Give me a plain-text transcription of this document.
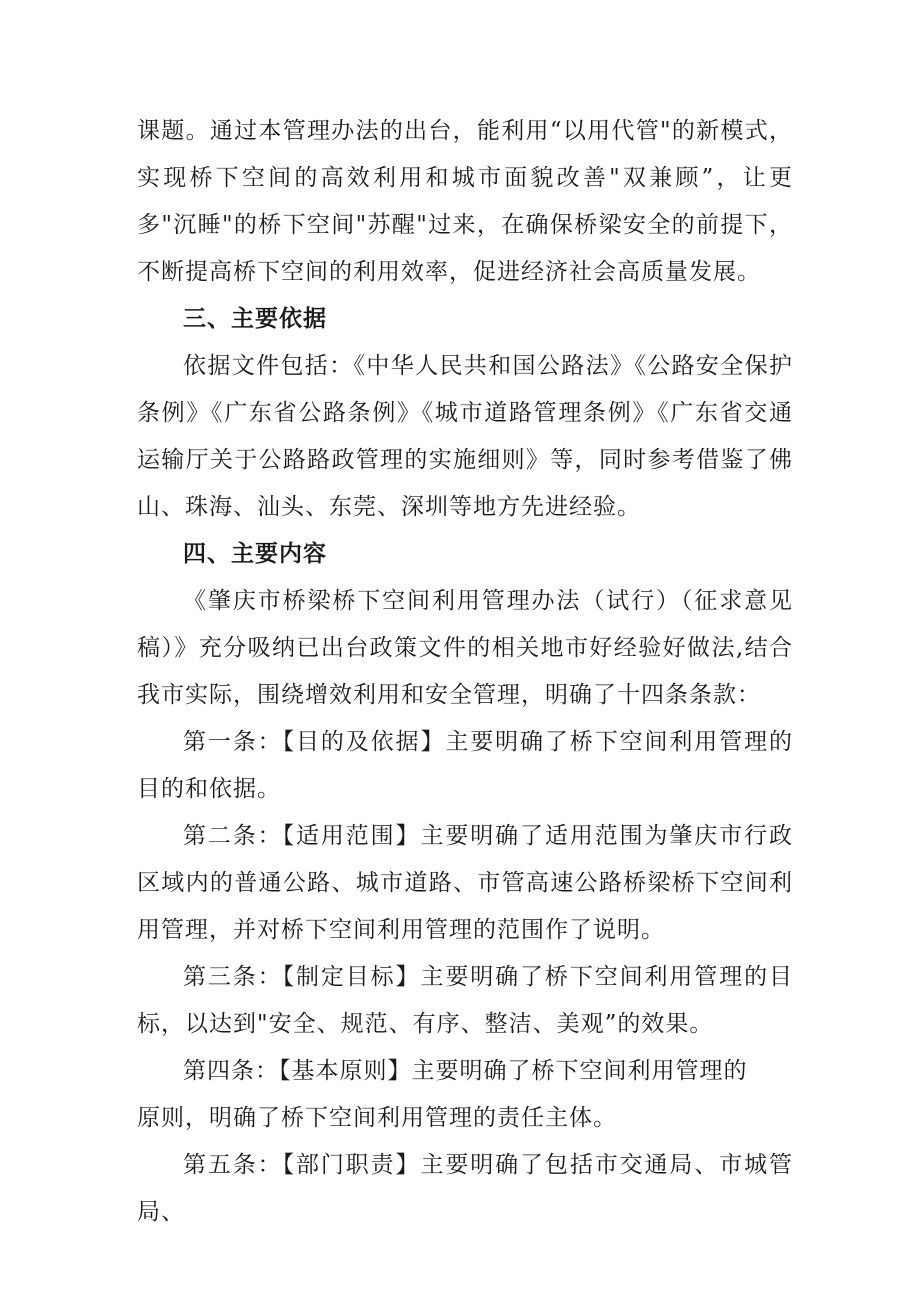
课题。通过本管理办法的出台，能利用“以用代管"的新模式，实现桥下空间的高效利用和城市面貌改善"双兼顾”，让更多"沉睡"的桥下空间"苏醒"过来，在确保桥梁安全的前提下，不断提高桥下空间的利用效率，促进经济社会高质量发展。

三、主要依据

依据文件包括：《中华人民共和国公路法》《公路安全保护条例》《广东省公路条例》《城市道路管理条例》《广东省交通运输厅关于公路路政管理的实施细则》等，同时参考借鉴了佛山、珠海、汕头、东莞、深圳等地方先进经验。

四、主要内容

《肇庆市桥梁桥下空间利用管理办法（试行）（征求意见稿）》充分吸纳已出台政策文件的相关地市好经验好做法,结合我市实际，围绕增效利用和安全管理，明确了十四条条款：

第一条：【目的及依据】主要明确了桥下空间利用管理的目的和依据。

第二条：【适用范围】主要明确了适用范围为肇庆市行政区域内的普通公路、城市道路、市管高速公路桥梁桥下空间利用管理，并对桥下空间利用管理的范围作了说明。

第三条：【制定目标】主要明确了桥下空间利用管理的目标，以达到"安全、规范、有序、整洁、美观”的效果。

第四条：【基本原则】主要明确了桥下空间利用管理的

原则，明确了桥下空间利用管理的责任主体。

第五条：【部门职责】主要明确了包括市交通局、市城管局、
